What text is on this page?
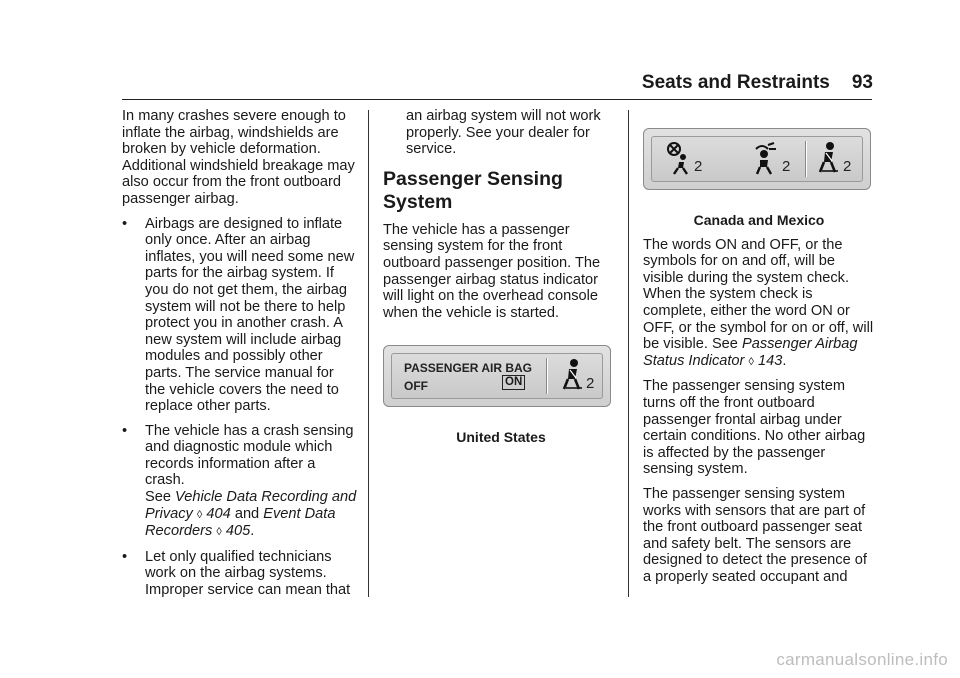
Seats and Restraints 93

In many crashes severe enough to inflate the airbag, windshields are broken by vehicle deformation. Additional windshield breakage may also occur from the front outboard passenger airbag.

•	Airbags are designed to inflate only once. After an airbag inflates, you will need some new parts for the airbag system. If you do not get them, the airbag system will not be there to help protect you in another crash. A new system will include airbag modules and possibly other parts. The service manual for the vehicle covers the need to replace other parts.
•	The vehicle has a crash sensing and diagnostic module which records information after a crash.
See Vehicle Data Recording and Privacy ◊ 404 and Event Data Recorders ◊ 405.
•	Let only qualified technicians work on the airbag systems. Improper service can mean that

an airbag system will not work properly. See your dealer for service.

Passenger Sensing System

The vehicle has a passenger sensing system for the front outboard passenger position. The passenger airbag status indicator will light on the overhead console when the vehicle is started.

PASSENGER AIR BAG
OFF	ON	2

United States

2	2	2

Canada and Mexico

The words ON and OFF, or the symbols for on and off, will be visible during the system check. When the system check is complete, either the word ON or OFF, or the symbol for on or off, will be visible. See Passenger Airbag Status Indicator ◊ 143.

The passenger sensing system turns off the front outboard passenger frontal airbag under certain conditions. No other airbag is affected by the passenger sensing system.

The passenger sensing system works with sensors that are part of the front outboard passenger seat and safety belt. The sensors are designed to detect the presence of a properly seated occupant and

carmanualsonline.info
